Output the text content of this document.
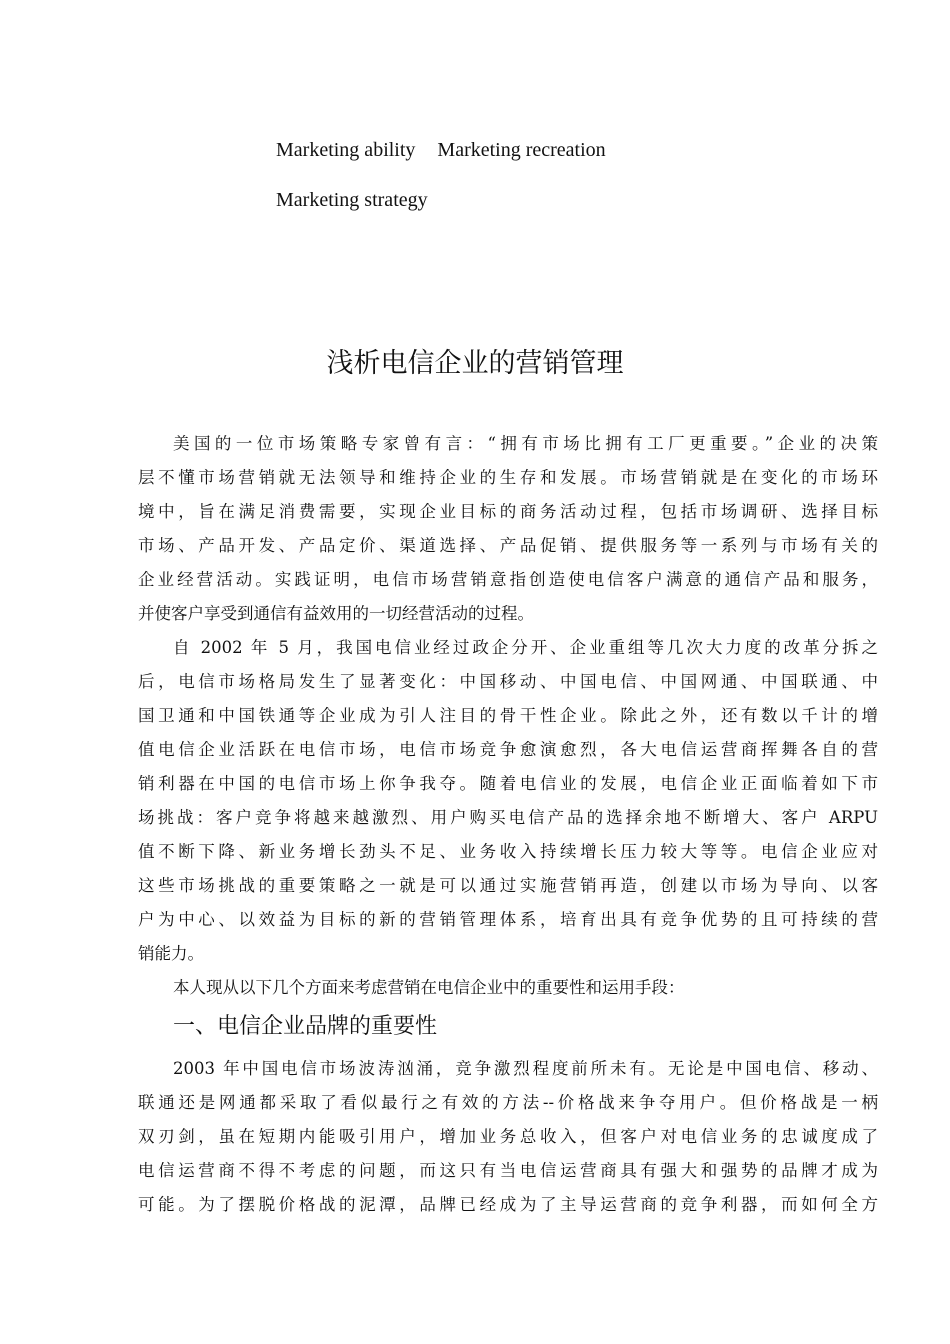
Marketing ability Marketing recreation
Marketing strategy
浅析电信企业的营销管理
美国的一位市场策略专家曾有言：“拥有市场比拥有工厂更重要。”企业的决策
层不懂市场营销就无法领导和维持企业的生存和发展。市场营销就是在变化的市场环
境中，旨在满足消费需要，实现企业目标的商务活动过程，包括市场调研、选择目标
市场、产品开发、产品定价、渠道选择、产品促销、提供服务等一系列与市场有关的
企业经营活动。实践证明，电信市场营销意指创造使电信客户满意的通信产品和服务，
并使客户享受到通信有益效用的一切经营活动的过程。
自 2002 年 5 月，我国电信业经过政企分开、企业重组等几次大力度的改革分拆之
后，电信市场格局发生了显著变化：中国移动、中国电信、中国网通、中国联通、中
国卫通和中国铁通等企业成为引人注目的骨干性企业。除此之外，还有数以千计的增
值电信企业活跃在电信市场，电信市场竞争愈演愈烈，各大电信运营商挥舞各自的营
销利器在中国的电信市场上你争我夺。随着电信业的发展，电信企业正面临着如下市
场挑战：客户竞争将越来越激烈、用户购买电信产品的选择余地不断增大、客户 ARPU
值不断下降、新业务增长劲头不足、业务收入持续增长压力较大等等。电信企业应对
这些市场挑战的重要策略之一就是可以通过实施营销再造，创建以市场为导向、以客
户为中心、以效益为目标的新的营销管理体系，培育出具有竞争优势的且可持续的营
销能力。
本人现从以下几个方面来考虑营销在电信企业中的重要性和运用手段：
一、电信企业品牌的重要性
2003 年中国电信市场波涛汹涌，竞争激烈程度前所未有。无论是中国电信、移动、
联通还是网通都采取了看似最行之有效的方法--价格战来争夺用户。但价格战是一柄
双刃剑，虽在短期内能吸引用户，增加业务总收入，但客户对电信业务的忠诚度成了
电信运营商不得不考虑的问题，而这只有当电信运营商具有强大和强势的品牌才成为
可能。为了摆脱价格战的泥潭，品牌已经成为了主导运营商的竞争利器，而如何全方
